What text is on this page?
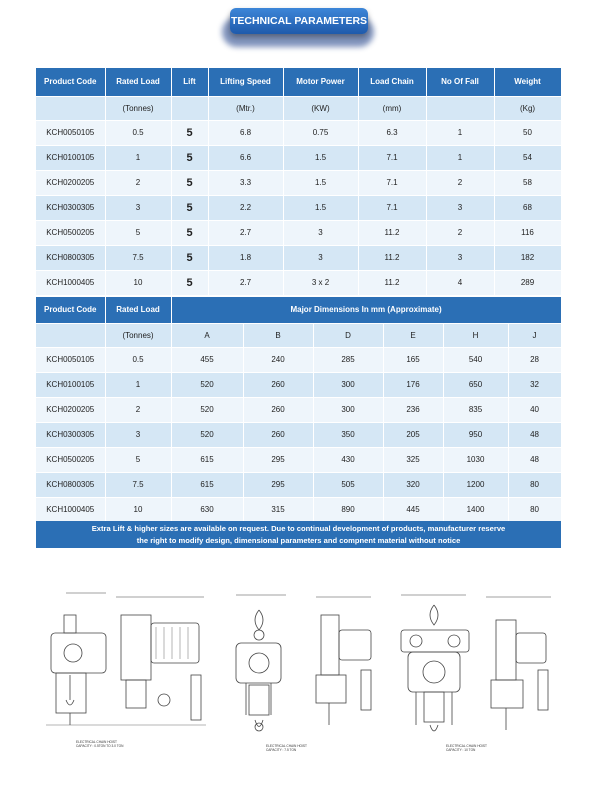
TECHNICAL PARAMETERS
Product Code	Rated Load	Lift	Lifting Speed	Motor Power	Load Chain	No Of Fall	Weight
	(Tonnes)		(Mtr.)	(KW)	(mm)		(Kg)
KCH0050105	0.5	5	6.8	0.75	6.3	1	50
KCH0100105	1	5	6.6	1.5	7.1	1	54
KCH0200205	2	5	3.3	1.5	7.1	2	58
KCH0300305	3	5	2.2	1.5	7.1	3	68
KCH0500205	5	5	2.7	3	11.2	2	116
KCH0800305	7.5	5	1.8	3	11.2	3	182
KCH1000405	10	5	2.7	3 x 2	11.2	4	289
Product Code	Rated Load	Major Dimensions In mm (Approximate)					
	(Tonnes)	A	B	D	E	H	J
KCH0050105	0.5	455	240	285	165	540	28
KCH0100105	1	520	260	300	176	650	32
KCH0200205	2	520	260	300	236	835	40
KCH0300305	3	520	260	350	205	950	48
KCH0500205	5	615	295	430	325	1030	48
KCH0800305	7.5	615	295	505	320	1200	80
KCH1000405	10	630	315	890	445	1400	80
Extra Lift & higher sizes are available on request. Due to continual development of products, manufacturer reserve
the right to modify design, dimensional parameters and compnent material without notice
ELECTRICAL CHAIN HOIST
CAPACITY : 0.5TON TO 3.0 TON	ELECTRICAL CHAIN HOIST
CAPACITY : 7.5 TON
ELECTRICAL CHAIN HOIST
CAPACITY : 10 TON
